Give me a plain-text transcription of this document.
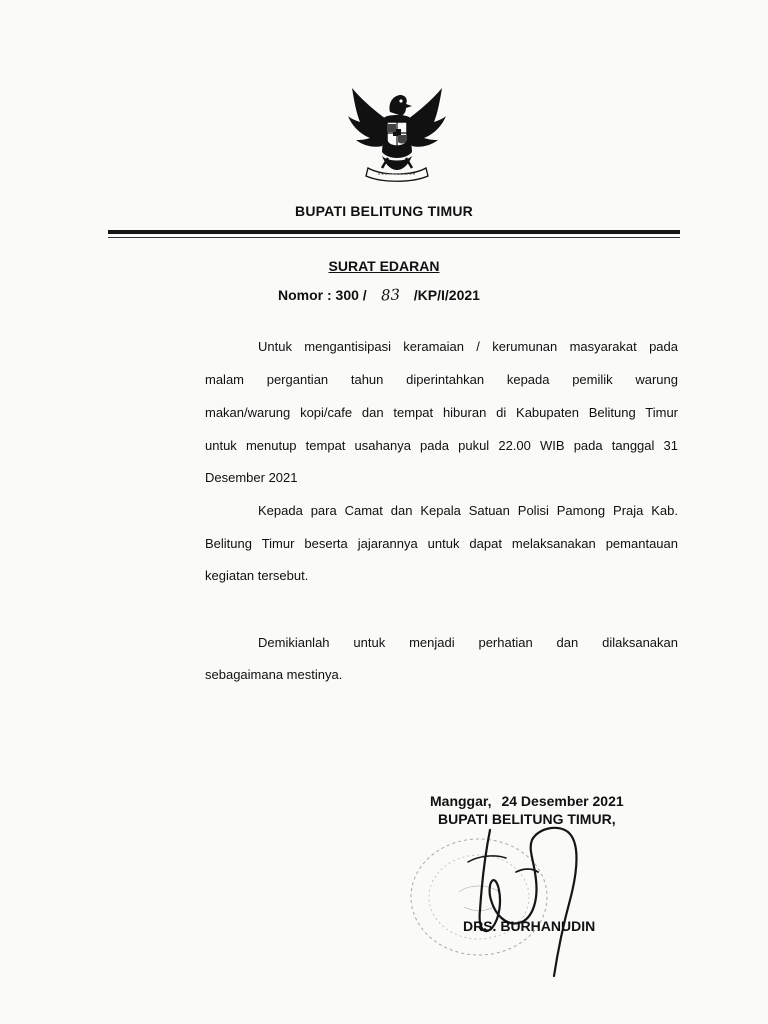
BUPATI BELITUNG TIMUR
SURAT EDARAN
Nomor : 300 / 83 /KP/I/2021
Untuk mengantisipasi keramaian / kerumunan masyarakat pada
malam pergantian tahun diperintahkan kepada pemilik warung
makan/warung kopi/cafe dan tempat hiburan di Kabupaten Belitung Timur
untuk menutup tempat usahanya pada pukul 22.00 WIB pada tanggal 31
Desember 2021
Kepada para Camat dan Kepala Satuan Polisi Pamong Praja Kab.
Belitung Timur beserta jajarannya untuk dapat melaksanakan pemantauan
kegiatan tersebut.
Demikianlah untuk menjadi perhatian dan dilaksanakan
sebagaimana mestinya.
Manggar, 24 Desember 2021
BUPATI BELITUNG TIMUR,
DRS. BURHANUDIN
